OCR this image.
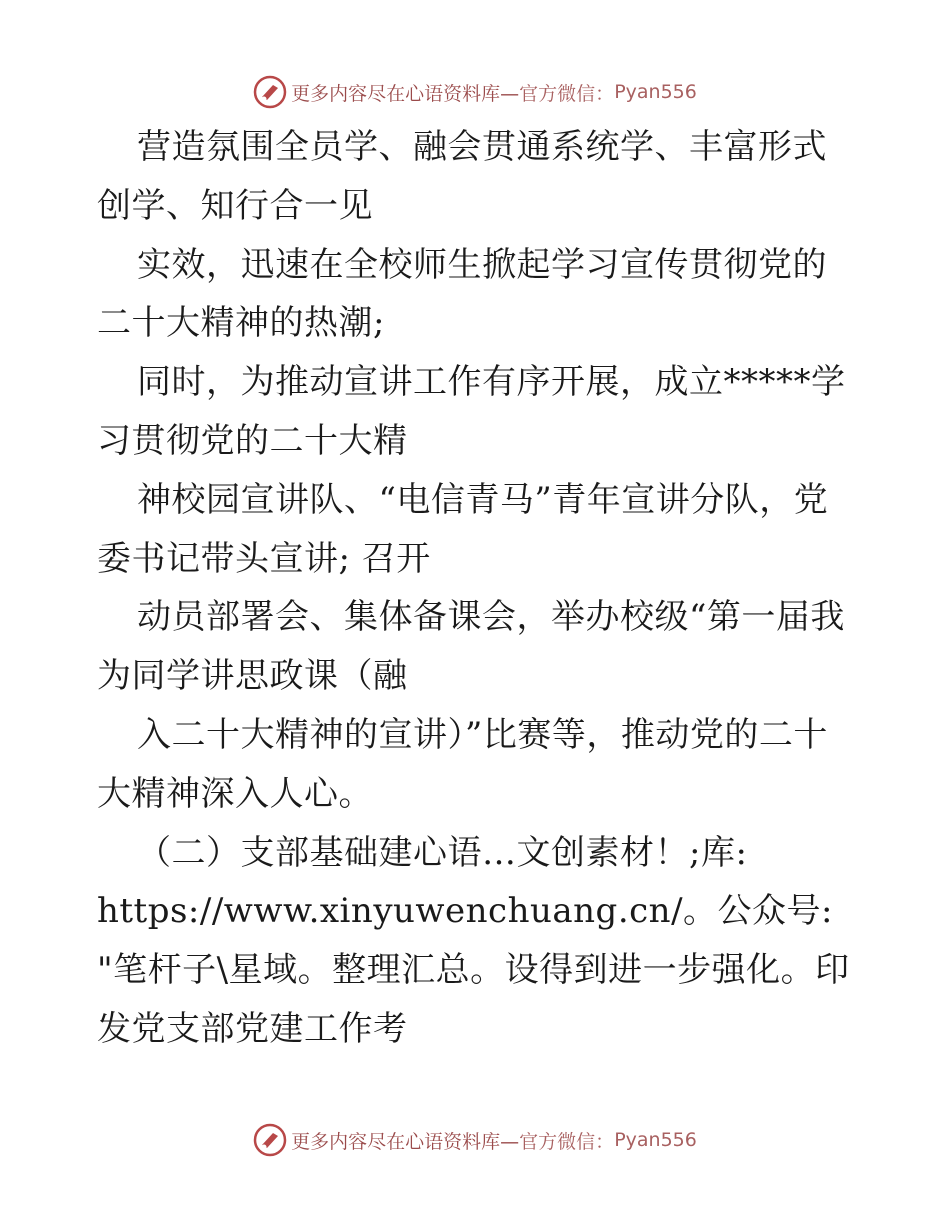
更多内容尽在心语资料库— 官方微信： Pyan556

营造氛围全员学、融会贯通系统学、丰富形式创学、知行合一见

实效，迅速在全校师生掀起学习宣传贯彻党的二十大精神的热潮;

同时，为推动宣讲工作有序开展，成立*****学习贯彻党的二十大精

神校园宣讲队、“电信青马”青年宣讲分队，党委书记带头宣讲; 召开

动员部署会、集体备课会，举办校级“第一届我为同学讲思政课（融

入二十大精神的宣讲）”比赛等，推动党的二十大精神深入人心。

（二）支部基础建心语…文创素材！;库:

https://www.xinyuwenchuang.cn/。公众号: "笔杆子\星域。整理汇总。设得到进一步强化。印发党支部党建工作考

更多内容尽在心语资料库— 官方微信： Pyan556
